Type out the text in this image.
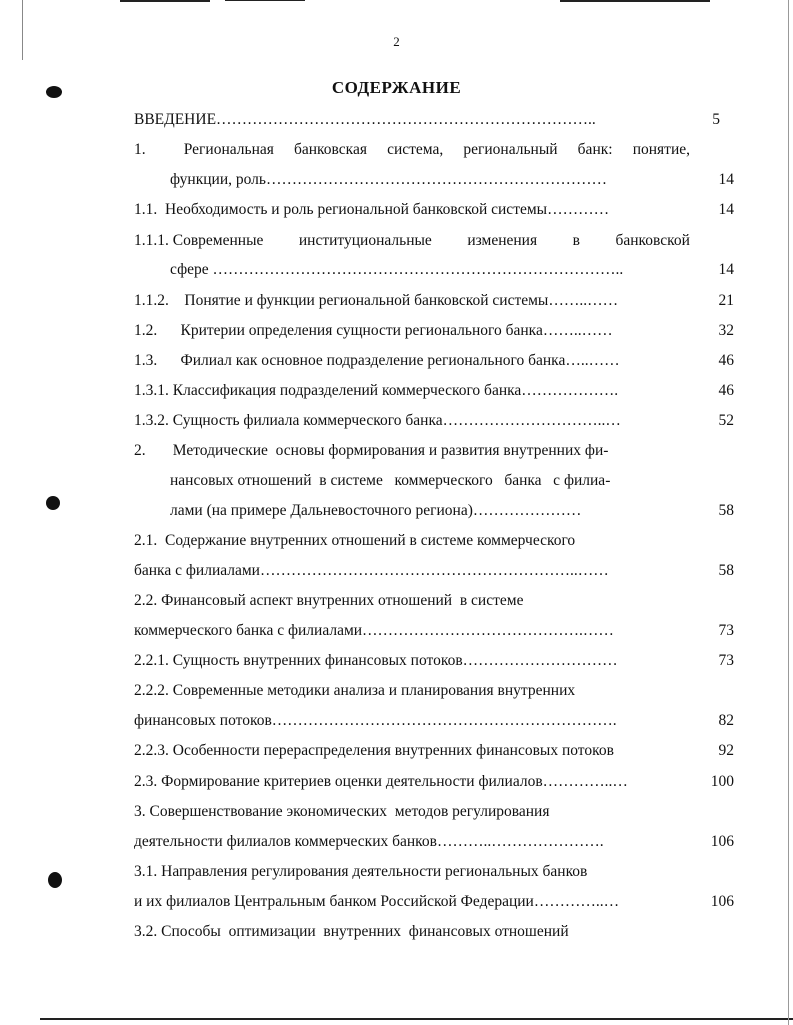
2
СОДЕРЖАНИЕ
ВВЕДЕНИЕ………………………………………………………………..	5
1. Региональная банковская система, региональный банк: понятие,
функции, роль…………………………………………………………	14
1.1.  Необходимость и роль региональной банковской системы…………	14
1.1.1. Современные институциональные изменения в банковской
сфере ……………………………………………………………………..	14
1.1.2.    Понятие и функции региональной банковской системы……..……	21
1.2.      Критерии определения сущности регионального банка……..……	32
1.3.      Филиал как основное подразделение регионального банка…..……	46
1.3.1. Классификация подразделений коммерческого банка……………….	46
1.3.2. Сущность филиала коммерческого банка…………………………..…	52
2.       Методические  основы формирования и развития внутренних фи-
нансовых отношений  в системе   коммерческого   банка   с филиа-
лами (на примере Дальневосточного региона)…………………	58
2.1.  Содержание внутренних отношений в системе коммерческого
банка с филиалами……………………………………………………..……	58
2.2. Финансовый аспект внутренних отношений  в системе
коммерческого банка с филиалами…………………………………….……	73
2.2.1. Сущность внутренних финансовых потоков…………………………	73
2.2.2. Современные методики анализа и планирования внутренних
финансовых потоков………………………………………………………….	82
2.2.3. Особенности перераспределения внутренних финансовых потоков	92
2.3. Формирование критериев оценки деятельности филиалов…………..…	100
3. Совершенствование экономических  методов регулирования
деятельности филиалов коммерческих банков………..………………….	106
3.1. Направления регулирования деятельности региональных банков
и их филиалов Центральным банком Российской Федерации…………..…	106
3.2. Способы  оптимизации  внутренних  финансовых отношений
